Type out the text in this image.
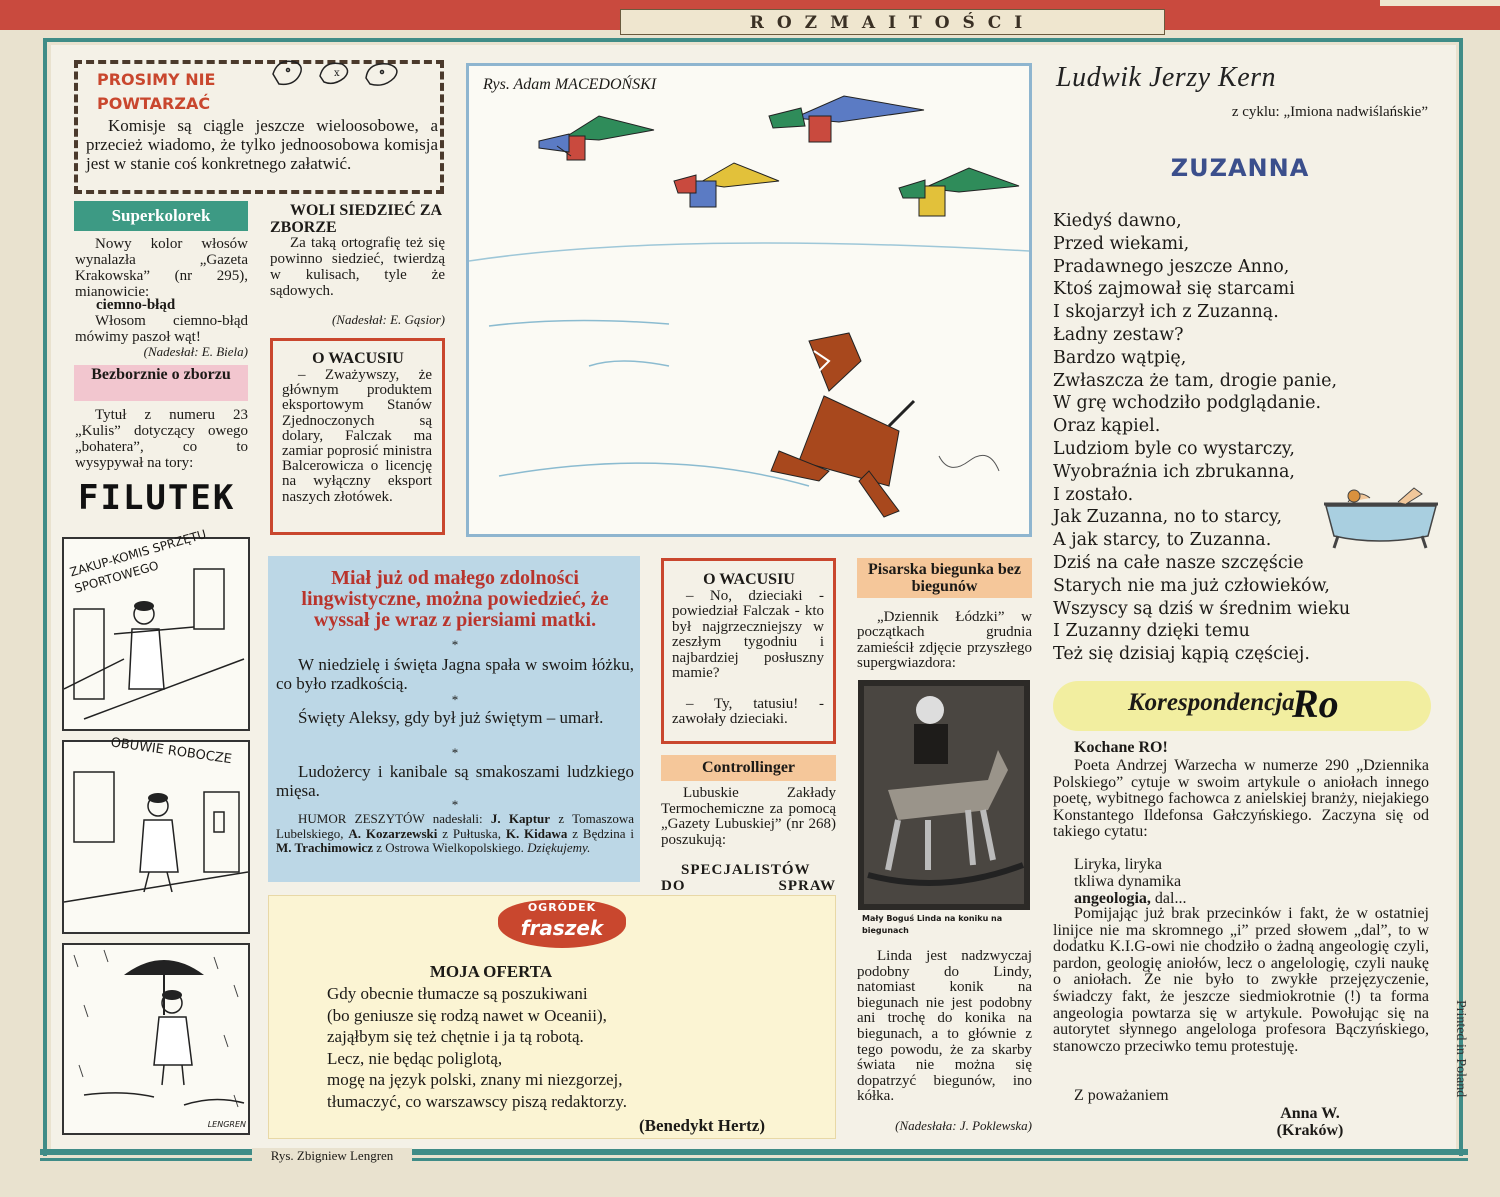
ROZMAITOŚCI
Rys. Zbigniew Lengren
Printed in Poland
PROSIMY NIE
POWTARZAĆ
x
Komisje są ciągle jeszcze wieloosobowe, a przecież wiadomo, że tylko jednoosobowa komisja jest w stanie coś konkretnego załatwić.
Superkolorek
Nowy kolor włosów wynalazła „Gazeta Krakowska” (nr 295), mianowicie:
ciemno-błąd
Włosom ciemno-błąd mówimy paszoł wąt!
(Nadesłał: E. Biela)
WOLI SIEDZIEĆ ZA ZBORZE
Za taką ortografię też się powinno siedzieć, twierdzą w kulisach, tyle że sądowych.
(Nadesłał: E. Gąsior)
Bezborznie o zborzu
Tytuł z numeru 23 „Kulis” dotyczący owego „bohatera”, co to wysypywał na tory:
FILUTEK
O WACUSIU
– Zważywszy, że głównym produktem eksportowym Stanów Zjednoczonych są dolary, Falczak ma zamiar poprosić ministra Balcerowicza o licencję na wyłączny eksport naszych złotówek.
Rys. Adam MACEDOŃSKI
ZAKUP-KOMIS SPRZĘTU SPORTOWEGO
OBUWIE ROBOCZE
LENGREN
Miał już od małego zdolności lingwistyczne, można powiedzieć, że wyssał je wraz z piersiami matki.
*
W niedzielę i święta Jagna spała w swoim łóżku, co było rzadkością.
*
Święty Aleksy, gdy był już świętym – umarł.
*
Ludożercy i kanibale są smakoszami ludzkiego mięsa.
*
HUMOR ZESZYTÓW nadesłali: J. Kaptur z Tomaszowa Lubelskiego, A. Kozarzewski z Pułtuska, K. Kidawa z Będzina i M. Trachimowicz z Ostrowa Wielkopolskiego. Dziękujemy.
O WACUSIU
– No, dzieciaki - powiedział Falczak - kto był najgrzeczniejszy w zeszłym tygodniu i najbardziej posłuszny mamie?
– Ty, tatusiu! - zawołały dzieciaki.
Controllinger
Lubuskie Zakłady Termochemiczne za pomocą „Gazety Lubuskiej” (nr 268) poszukują:
SPECJALISTÓW DO SPRAW
Pisarska biegunka bez biegunów
„Dziennik Łódzki” w początkach grudnia zamieścił zdjęcie przyszłego supergwiazdora:
Mały Boguś Linda na koniku na biegunach
Linda jest nadzwyczaj podobny do Lindy, natomiast konik na biegunach nie jest podobny ani trochę do konika na biegunach, a to głównie z tego powodu, że za skarby świata nie można się dopatrzyć biegunów, ino kółka.
(Nadesłała: J. Poklewska)
OGRÓDEK
fraszek
MOJA OFERTA
Gdy obecnie tłumacze są poszukiwani
(bo geniusze się rodzą nawet w Oceanii),
zająłbym się też chętnie i ja tą robotą.
Lecz, nie będąc poliglotą,
mogę na język polski, znany mi niezgorzej,
tłumaczyć, co warszawscy piszą redaktorzy.
(Benedykt Hertz)
Ludwik Jerzy Kern
z cyklu: „Imiona nadwiślańskie”
ZUZANNA
Kiedyś dawno,
Przed wiekami,
Pradawnego jeszcze Anno,
Ktoś zajmował się starcami
I skojarzył ich z Zuzanną.
Ładny zestaw?
Bardzo wątpię,
Zwłaszcza że tam, drogie panie,
W grę wchodziło podglądanie.
Oraz kąpiel.
Ludziom byle co wystarczy,
Wyobraźnia ich zbrukanna,
I zostało.
Jak Zuzanna, no to starcy,
A jak starcy, to Zuzanna.
Dziś na całe nasze szczęście
Starych nie ma już człowieków,
Wszyscy są dziś w średnim wieku
I Zuzanny dzięki temu
Też się dzisiaj kąpią częściej.
Korespondencja
Ro
Kochane RO!
Poeta Andrzej Warzecha w numerze 290 „Dziennika Polskiego” cytuje w swoim artykule o aniołach innego poetę, wybitnego fachowca z anielskiej branży, niejakiego Konstantego Ildefonsa Gałczyńskiego. Zaczyna się od takiego cytatu:
Liryka, liryka
tkliwa dynamika
angeologia, dal...
Pomijając już brak przecinków i fakt, że w ostatniej linijce nie ma skromnego „i” przed słowem „dal”, to w dodatku K.I.G-owi nie chodziło o żadną angeologię czyli, pardon, geologię aniołów, lecz o angelologię, czyli naukę o aniołach. Że nie było to zwykłe przejęzyczenie, świadczy fakt, że jeszcze siedmiokrotnie (!) ta forma angeologia powtarza się w artykule. Powołując się na autorytet słynnego angelologa profesora Bączyńskiego, stanowczo przeciwko temu protestuję.
Z poważaniem
Anna W.
(Kraków)
